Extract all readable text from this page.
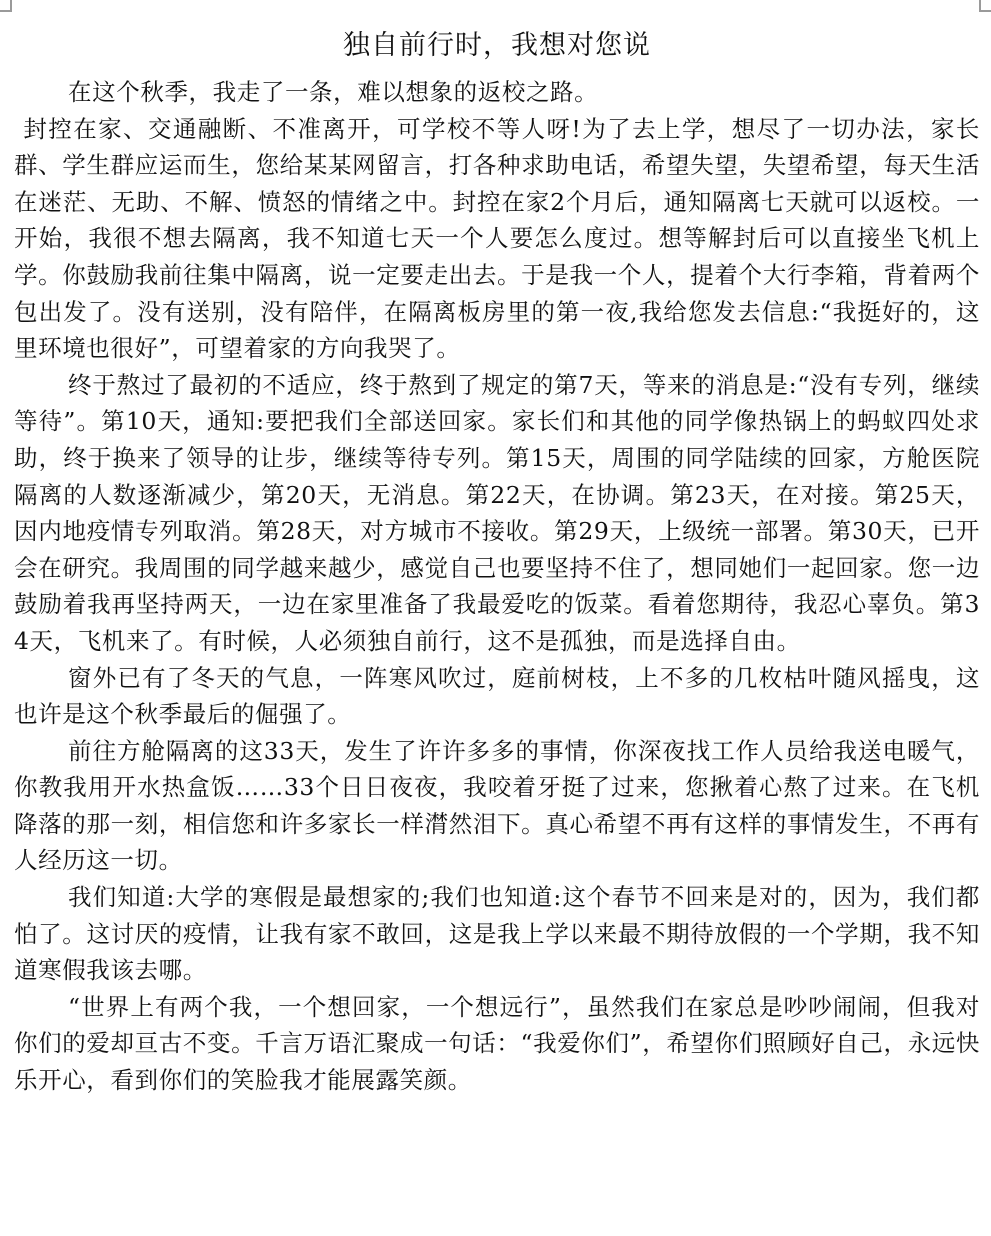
独自前行时，我想对您说

在这个秋季，我走了一条，难以想象的返校之路。

封控在家、交通融断、不准离开，可学校不等人呀!为了去上学，想尽了一切办法，家长群、学生群应运而生，您给某某网留言，打各种求助电话，希望失望，失望希望，每天生活在迷茫、无助、不解、愤怒的情绪之中。封控在家2个月后，通知隔离七天就可以返校。一开始，我很不想去隔离，我不知道七天一个人要怎么度过。想等解封后可以直接坐飞机上学。你鼓励我前往集中隔离，说一定要走出去。于是我一个人，提着个大行李箱，背着两个包出发了。没有送别，没有陪伴，在隔离板房里的第一夜,我给您发去信息:“我挺好的，这里环境也很好”，可望着家的方向我哭了。

终于熬过了最初的不适应，终于熬到了规定的第7天，等来的消息是:“没有专列，继续等待”。第10天，通知:要把我们全部送回家。家长们和其他的同学像热锅上的蚂蚁四处求助，终于换来了领导的让步，继续等待专列。第15天，周围的同学陆续的回家，方舱医院隔离的人数逐渐减少，第20天，无消息。第22天，在协调。第23天，在对接。第25天，因内地疫情专列取消。第28天，对方城市不接收。第29天，上级统一部署。第30天，已开会在研究。我周围的同学越来越少，感觉自己也要坚持不住了，想同她们一起回家。您一边鼓励着我再坚持两天，一边在家里准备了我最爱吃的饭菜。看着您期待，我忍心辜负。第34天，飞机来了。有时候，人必须独自前行，这不是孤独，而是选择自由。

窗外已有了冬天的气息，一阵寒风吹过，庭前树枝，上不多的几枚枯叶随风摇曳，这也许是这个秋季最后的倔强了。

前往方舱隔离的这33天，发生了许许多多的事情，你深夜找工作人员给我送电暖气，你教我用开水热盒饭……33个日日夜夜，我咬着牙挺了过来，您揪着心熬了过来。在飞机降落的那一刻，相信您和许多家长一样潸然泪下。真心希望不再有这样的事情发生，不再有人经历这一切。

我们知道:大学的寒假是最想家的;我们也知道:这个春节不回来是对的，因为，我们都怕了。这讨厌的疫情，让我有家不敢回，这是我上学以来最不期待放假的一个学期，我不知道寒假我该去哪。

“世界上有两个我，一个想回家，一个想远行”，虽然我们在家总是吵吵闹闹，但我对你们的爱却亘古不变。千言万语汇聚成一句话：“我爱你们”，希望你们照顾好自己，永远快乐开心，看到你们的笑脸我才能展露笑颜。
